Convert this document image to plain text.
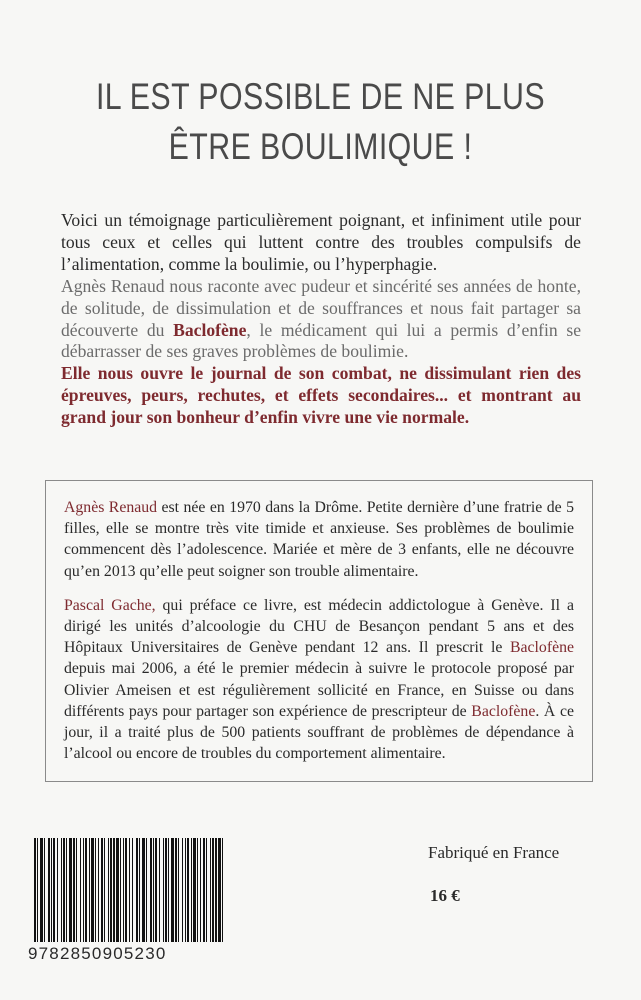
IL EST POSSIBLE DE NE PLUS
ÊTRE BOULIMIQUE !

Voici un témoignage particulièrement poignant, et infiniment utile pour tous ceux et celles qui luttent contre des troubles compulsifs de l’alimentation, comme la boulimie, ou l’hyperphagie.

Agnès Renaud nous raconte avec pudeur et sincérité ses années de honte, de solitude, de dissimulation et de souffrances et nous fait partager sa découverte du Baclofène, le médicament qui lui a permis d’enfin se débarrasser de ses graves problèmes de boulimie.

Elle nous ouvre le journal de son combat, ne dissimulant rien des épreuves, peurs, rechutes, et effets secondaires... et montrant au grand jour son bonheur d’enfin vivre une vie normale.

Agnès Renaud est née en 1970 dans la Drôme. Petite dernière d’une fratrie de 5 filles, elle se montre très vite timide et anxieuse. Ses problèmes de boulimie commencent dès l’adolescence. Mariée et mère de 3 enfants, elle ne découvre qu’en 2013 qu’elle peut soigner son trouble alimentaire.

Pascal Gache, qui préface ce livre, est médecin addictologue à Genève. Il a dirigé les unités d’alcoologie du CHU de Besançon pendant 5 ans et des Hôpitaux Universitaires de Genève pendant 12 ans. Il prescrit le Baclofène depuis mai 2006, a été le premier médecin à suivre le protocole proposé par Olivier Ameisen et est régulièrement sollicité en France, en Suisse ou dans différents pays pour partager son expérience de prescripteur de Baclofène. À ce jour, il a traité plus de 500 patients souffrant de problèmes de dépendance à l’alcool ou encore de troubles du comportement alimentaire.

9782850905230
Fabriqué en France
16 €
